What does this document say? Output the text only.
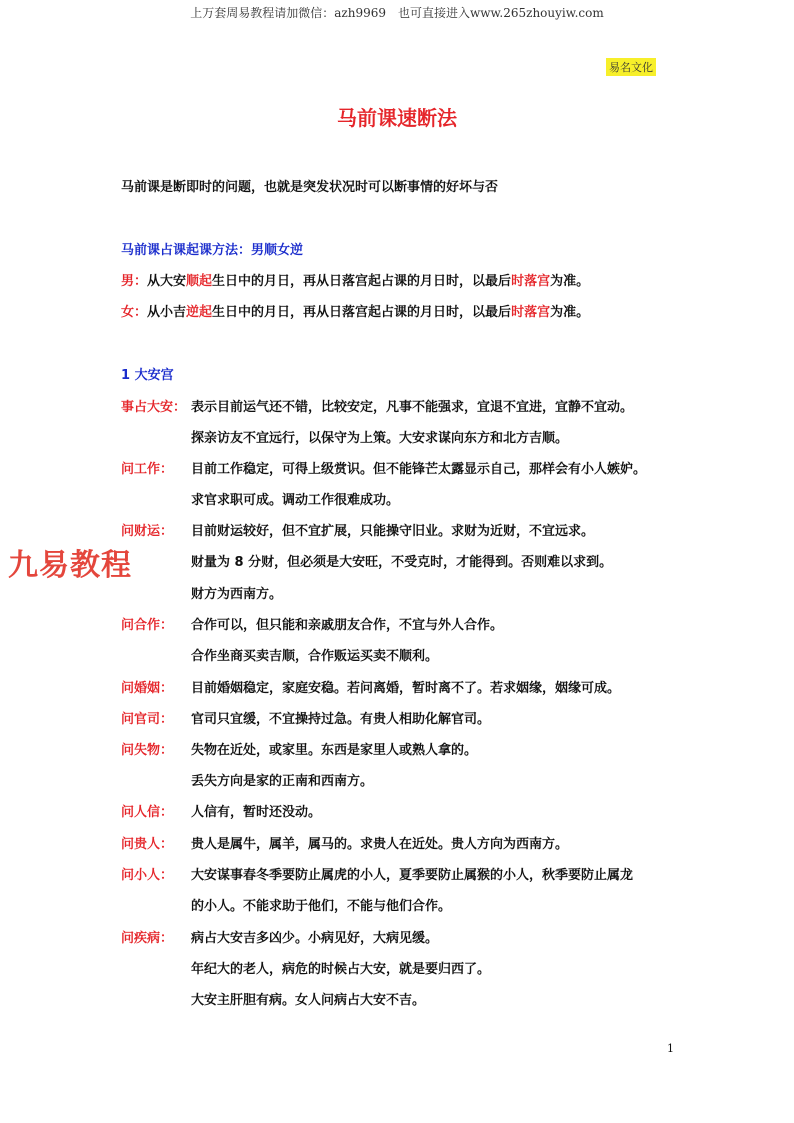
上万套周易教程请加微信：azh9969　也可直接进入www.265zhouyiw.com
易名文化
九易教程
马前课速断法
马前课是断即时的问题，也就是突发状况时可以断事情的好坏与否
马前课占课起课方法：男顺女逆
男：从大安顺起生日中的月日，再从日落宫起占课的月日时，以最后时落宫为准。
女：从小吉逆起生日中的月日，再从日落宫起占课的月日时，以最后时落宫为准。
1 大安宫
事占大安： 表示目前运气还不错，比较安定，凡事不能强求，宜退不宜进，宜静不宜动。
探亲访友不宜远行，以保守为上策。大安求谋向东方和北方吉顺。
问工作： 目前工作稳定，可得上级赏识。但不能锋芒太露显示自己，那样会有小人嫉妒。
求官求职可成。调动工作很难成功。
问财运： 目前财运较好，但不宜扩展，只能操守旧业。求财为近财，不宜远求。
财量为 8 分财，但必须是大安旺，不受克时，才能得到。否则难以求到。
财方为西南方。
问合作： 合作可以，但只能和亲戚朋友合作，不宜与外人合作。
合作坐商买卖吉顺，合作贩运买卖不顺利。
问婚姻： 目前婚姻稳定，家庭安稳。若问离婚，暂时离不了。若求姻缘，姻缘可成。
问官司： 官司只宜缓，不宜操持过急。有贵人相助化解官司。
问失物： 失物在近处，或家里。东西是家里人或熟人拿的。
丢失方向是家的正南和西南方。
问人信： 人信有，暂时还没动。
问贵人： 贵人是属牛，属羊，属马的。求贵人在近处。贵人方向为西南方。
问小人： 大安谋事春冬季要防止属虎的小人，夏季要防止属猴的小人，秋季要防止属龙
的小人。不能求助于他们，不能与他们合作。
问疾病： 病占大安吉多凶少。小病见好，大病见缓。
年纪大的老人，病危的时候占大安，就是要归西了。
大安主肝胆有病。女人问病占大安不吉。
1
